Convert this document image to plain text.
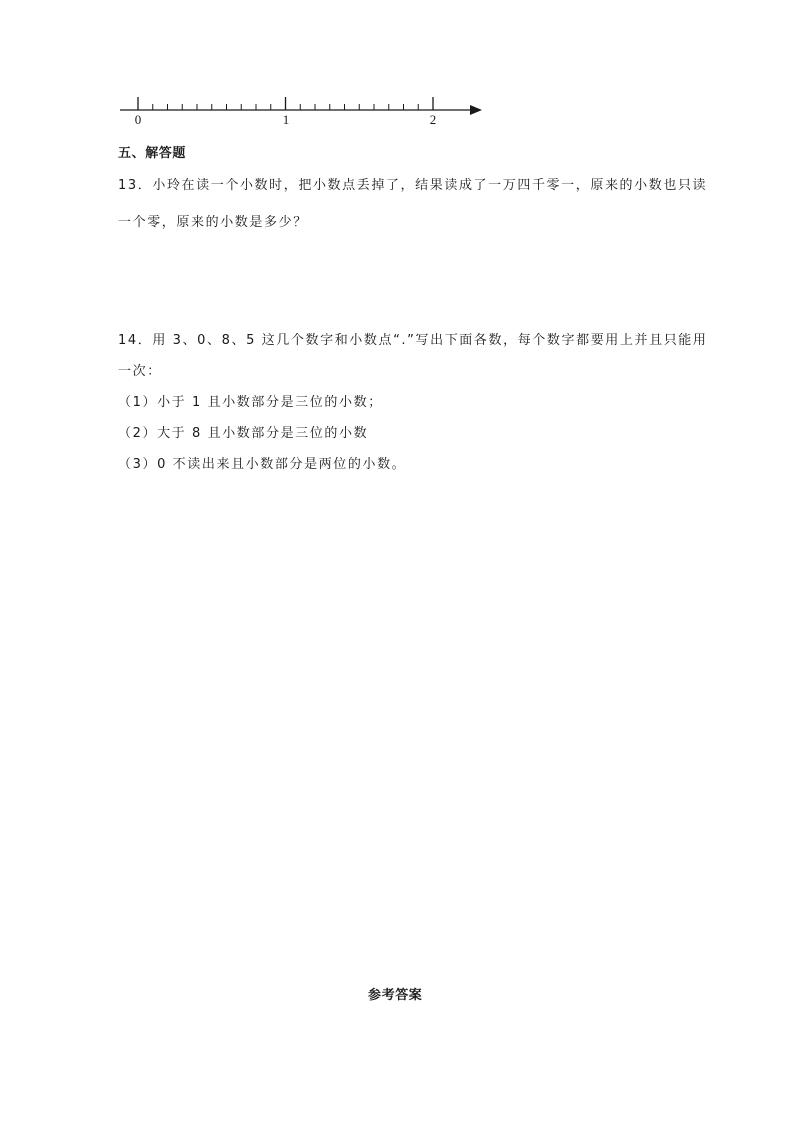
0	1	2
五、解答题
13．小玲在读一个小数时，把小数点丢掉了，结果读成了一万四千零一，原来的小数也只读
一个零，原来的小数是多少？
14．用 3、0、8、5 这几个数字和小数点“.”写出下面各数，每个数字都要用上并且只能用
一次：
（1）小于 1 且小数部分是三位的小数；
（2）大于 8 且小数部分是三位的小数
（3）0 不读出来且小数部分是两位的小数。
参考答案
